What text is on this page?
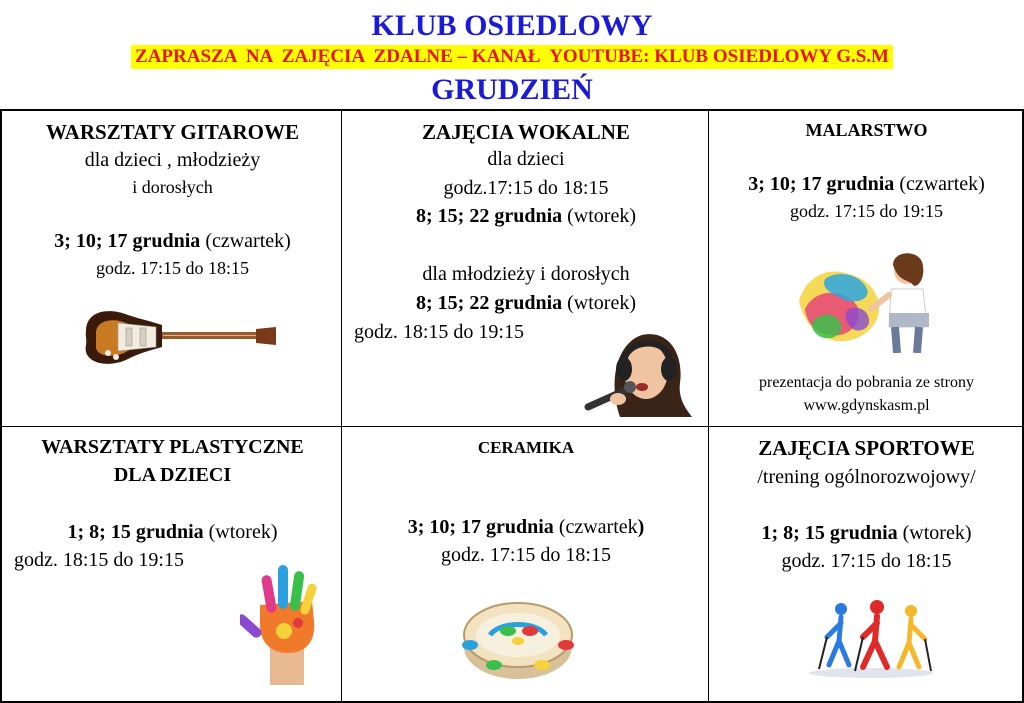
KLUB OSIEDLOWY
ZAPRASZA  NA  ZAJĘCIA  ZDALNE – KANAŁ  YOUTUBE: KLUB OSIEDLOWY G.S.M
GRUDZIEŃ
WARSZTATY GITAROWE
dla dzieci , młodzieży
i dorosłych
3; 10; 17 grudnia (czwartek)
godz. 17:15 do 18:15
ZAJĘCIA WOKALNE
dla dzieci
godz.17:15 do 18:15
8; 15; 22 grudnia (wtorek)
dla młodzieży i dorosłych
8; 15; 22 grudnia (wtorek)
godz. 18:15 do 19:15
MALARSTWO
3; 10; 17 grudnia (czwartek)
godz. 17:15 do 19:15
prezentacja do pobrania ze strony
www.gdynskasm.pl
WARSZTATY PLASTYCZNE
DLA DZIECI
1; 8; 15 grudnia (wtorek)
godz. 18:15 do 19:15
CERAMIKA
3; 10; 17 grudnia (czwartek)
godz. 17:15 do 18:15
ZAJĘCIA SPORTOWE
/trening ogólnorozwojowy/
1; 8; 15 grudnia (wtorek)
godz. 17:15 do 18:15
